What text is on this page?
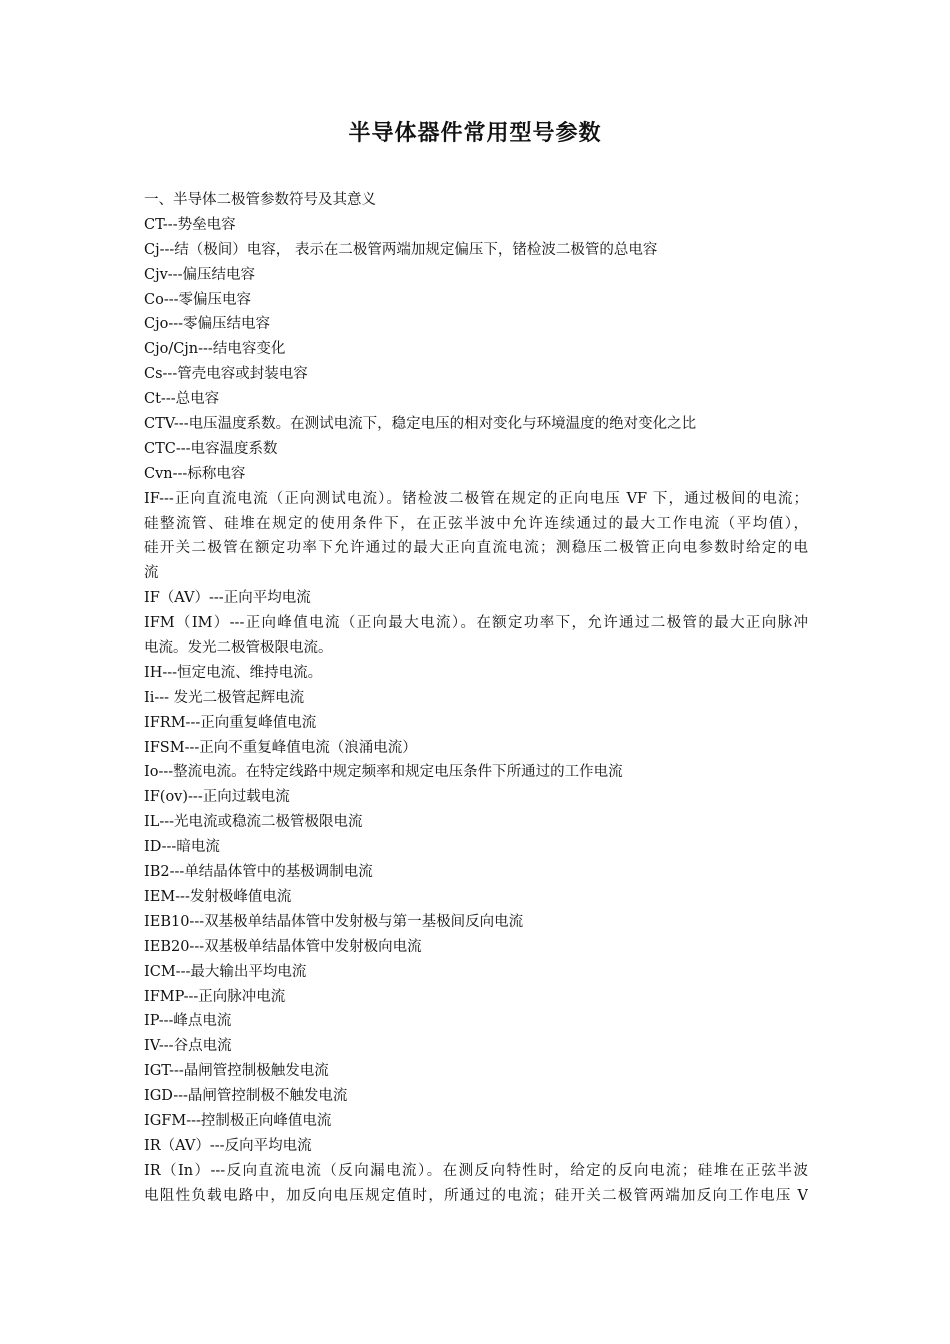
半导体器件常用型号参数
一、半导体二极管参数符号及其意义
CT---势垒电容
Cj---结（极间）电容， 表示在二极管两端加规定偏压下，锗检波二极管的总电容
Cjv---偏压结电容
Co---零偏压电容
Cjo---零偏压结电容
Cjo/Cjn---结电容变化
Cs---管壳电容或封装电容
Ct---总电容
CTV---电压温度系数。在测试电流下，稳定电压的相对变化与环境温度的绝对变化之比
CTC---电容温度系数
Cvn---标称电容
IF---正向直流电流（正向测试电流）。锗检波二极管在规定的正向电压 VF 下，通过极间的电流；
硅整流管、硅堆在规定的使用条件下，在正弦半波中允许连续通过的最大工作电流（平均值），
硅开关二极管在额定功率下允许通过的最大正向直流电流；测稳压二极管正向电参数时给定的电
流
IF（AV）---正向平均电流
IFM（IM）---正向峰值电流（正向最大电流）。在额定功率下，允许通过二极管的最大正向脉冲
电流。发光二极管极限电流。
IH---恒定电流、维持电流。
Ii--- 发光二极管起辉电流
IFRM---正向重复峰值电流
IFSM---正向不重复峰值电流（浪涌电流）
Io---整流电流。在特定线路中规定频率和规定电压条件下所通过的工作电流
IF(ov)---正向过载电流
IL---光电流或稳流二极管极限电流
ID---暗电流
IB2---单结晶体管中的基极调制电流
IEM---发射极峰值电流
IEB10---双基极单结晶体管中发射极与第一基极间反向电流
IEB20---双基极单结晶体管中发射极向电流
ICM---最大输出平均电流
IFMP---正向脉冲电流
IP---峰点电流
IV---谷点电流
IGT---晶闸管控制极触发电流
IGD---晶闸管控制极不触发电流
IGFM---控制极正向峰值电流
IR（AV）---反向平均电流
IR（In）---反向直流电流（反向漏电流）。在测反向特性时，给定的反向电流；硅堆在正弦半波
电阻性负载电路中，加反向电压规定值时，所通过的电流；硅开关二极管两端加反向工作电压 V
